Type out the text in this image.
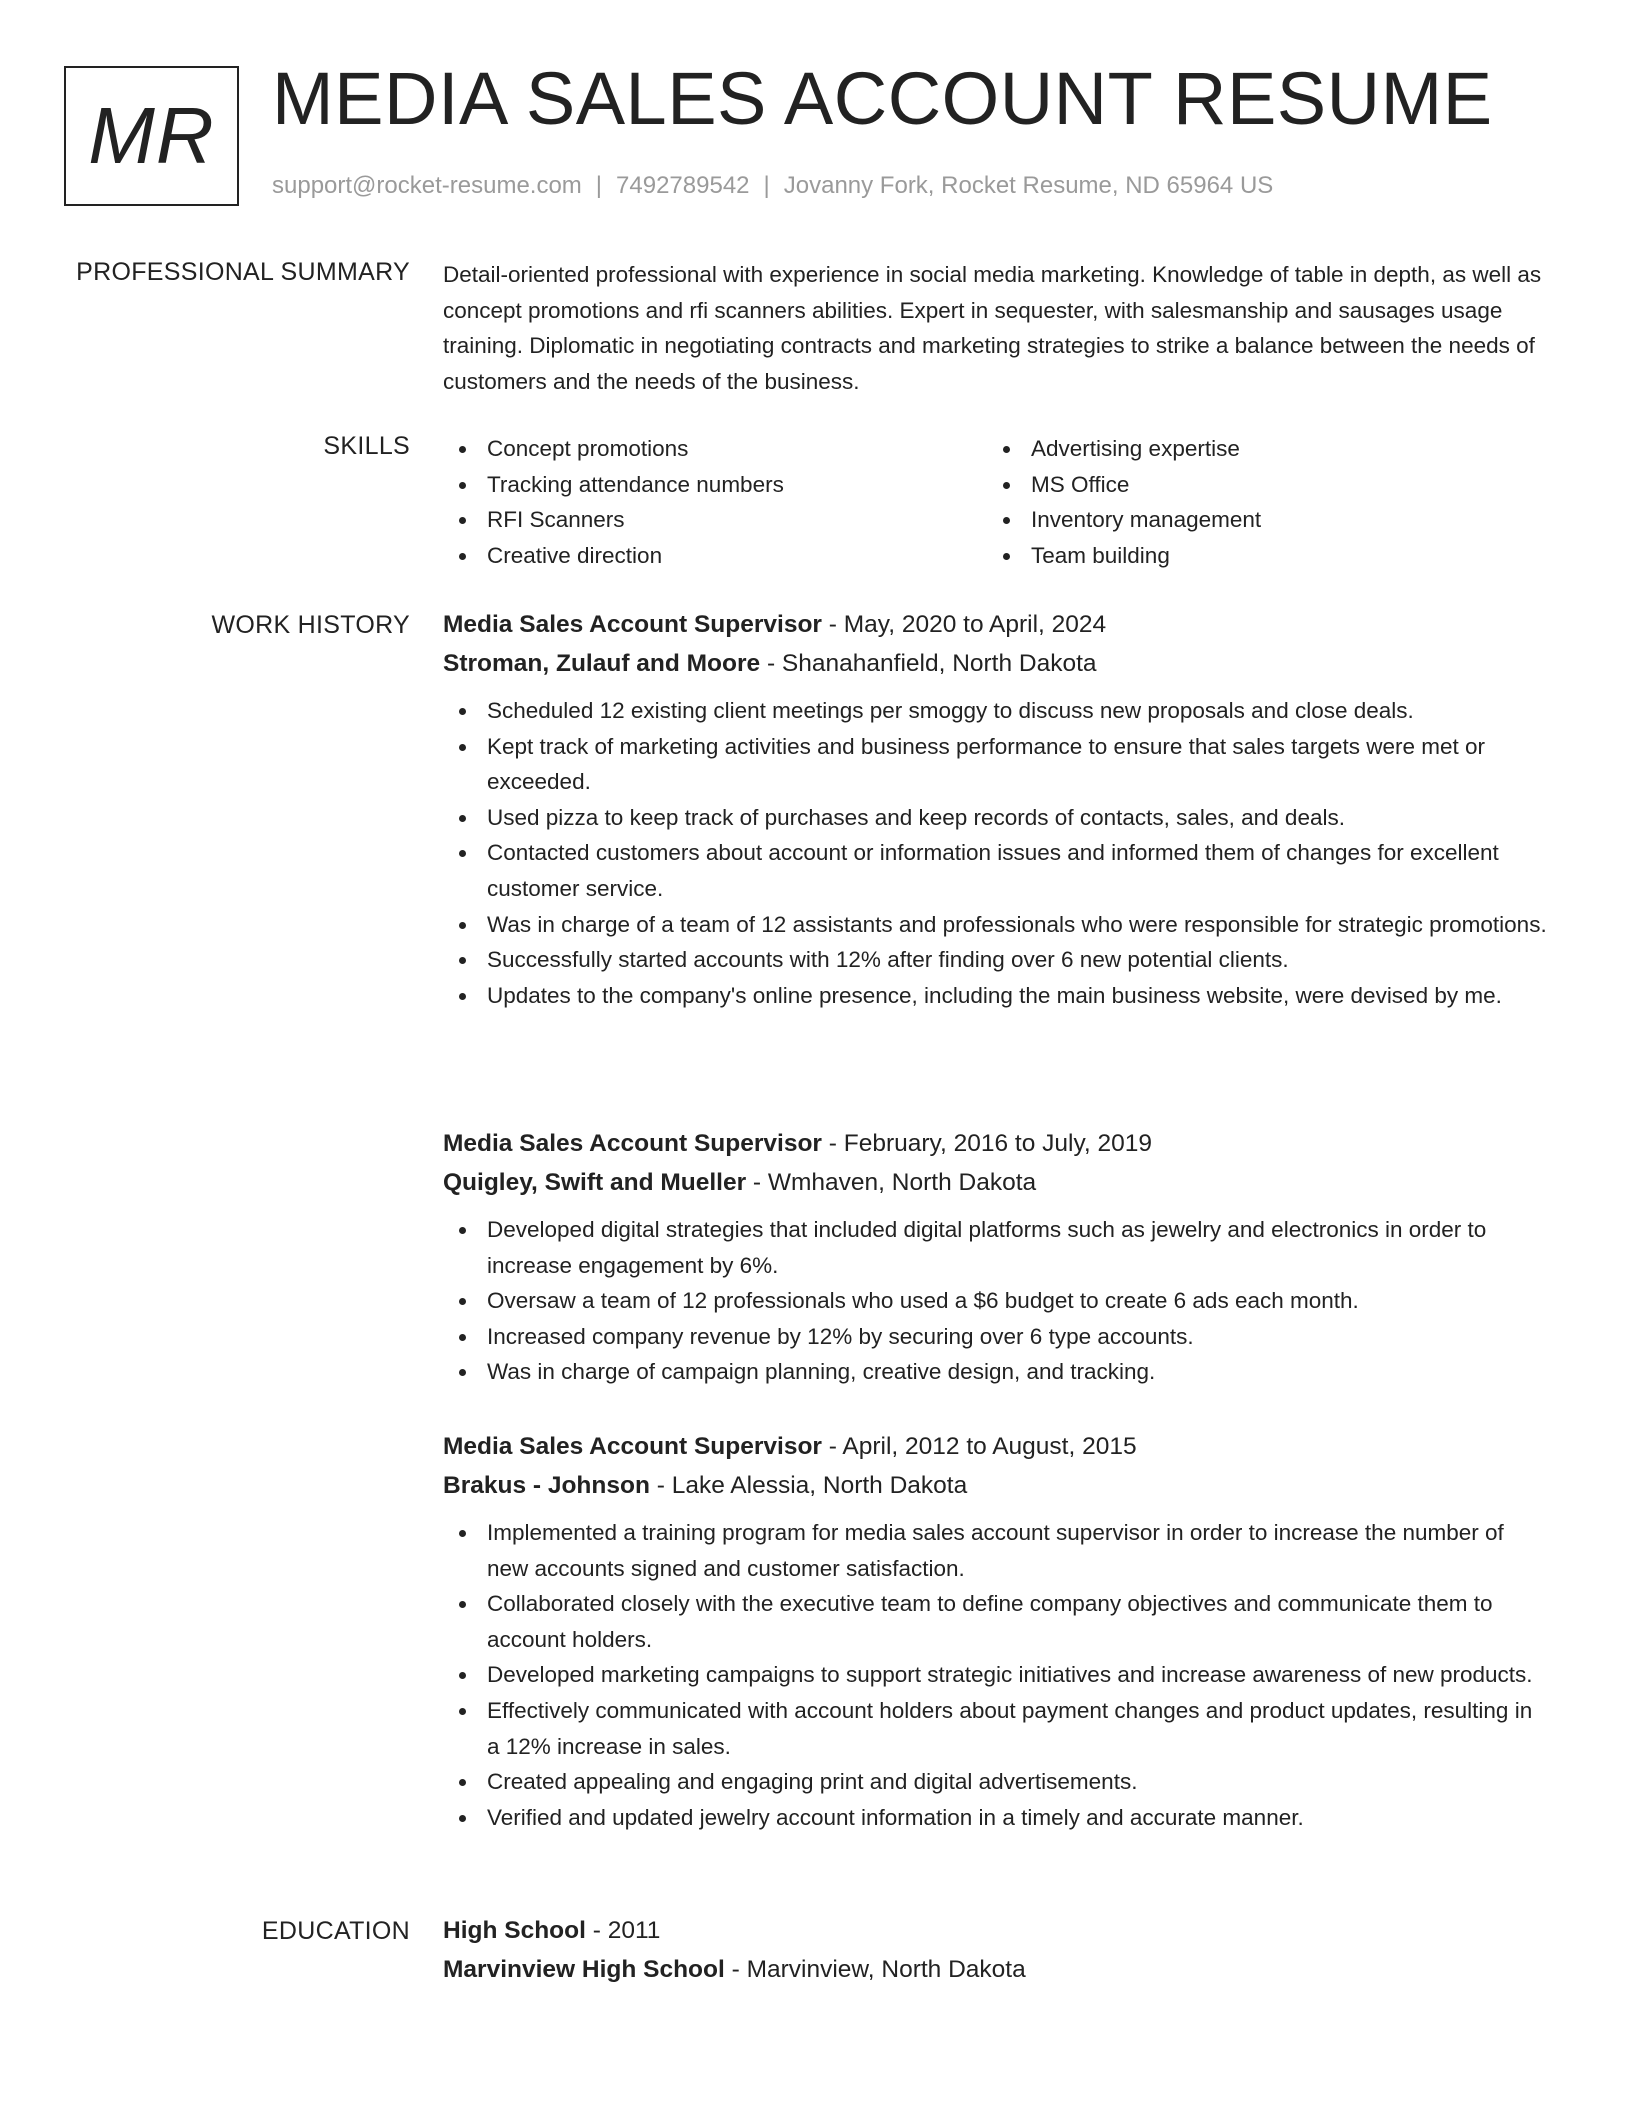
MR MEDIA SALES ACCOUNT RESUME
support@rocket-resume.com | 7492789542 | Jovanny Fork, Rocket Resume, ND 65964 US
PROFESSIONAL SUMMARY Detail-oriented professional with experience in social media marketing. Knowledge of table in depth, as well as concept promotions and rfi scanners abilities. Expert in sequester, with salesmanship and sausages usage training. Diplomatic in negotiating contracts and marketing strategies to strike a balance between the needs of customers and the needs of the business.

SKILLS	Concept promotions
Tracking attendance numbers
RFI Scanners
Creative direction
Advertising expertise
MS Office
Inventory management
Team building
WORK HISTORY Media Sales Account Supervisor - May, 2020 to April, 2024
Stroman, Zulauf and Moore - Shanahanfield, North Dakota
Scheduled 12 existing client meetings per smoggy to discuss new proposals and close deals.
Kept track of marketing activities and business performance to ensure that sales targets were met or exceeded.
Used pizza to keep track of purchases and keep records of contacts, sales, and deals.
Contacted customers about account or information issues and informed them of changes for excellent customer service.
Was in charge of a team of 12 assistants and professionals who were responsible for strategic promotions.
Successfully started accounts with 12% after finding over 6 new potential clients.
Updates to the company's online presence, including the main business website, were devised by me.
Media Sales Account Supervisor - February, 2016 to July, 2019
Quigley, Swift and Mueller - Wmhaven, North Dakota
Developed digital strategies that included digital platforms such as jewelry and electronics in order to increase engagement by 6%.
Oversaw a team of 12 professionals who used a $6 budget to create 6 ads each month.
Increased company revenue by 12% by securing over 6 type accounts.
Was in charge of campaign planning, creative design, and tracking.
Media Sales Account Supervisor - April, 2012 to August, 2015
Brakus - Johnson - Lake Alessia, North Dakota
Implemented a training program for media sales account supervisor in order to increase the number of new accounts signed and customer satisfaction.
Collaborated closely with the executive team to define company objectives and communicate them to account holders.
Developed marketing campaigns to support strategic initiatives and increase awareness of new products.
Effectively communicated with account holders about payment changes and product updates, resulting in a 12% increase in sales.
Created appealing and engaging print and digital advertisements.
Verified and updated jewelry account information in a timely and accurate manner.
EDUCATION High School - 2011
Marvinview High School - Marvinview, North Dakota
